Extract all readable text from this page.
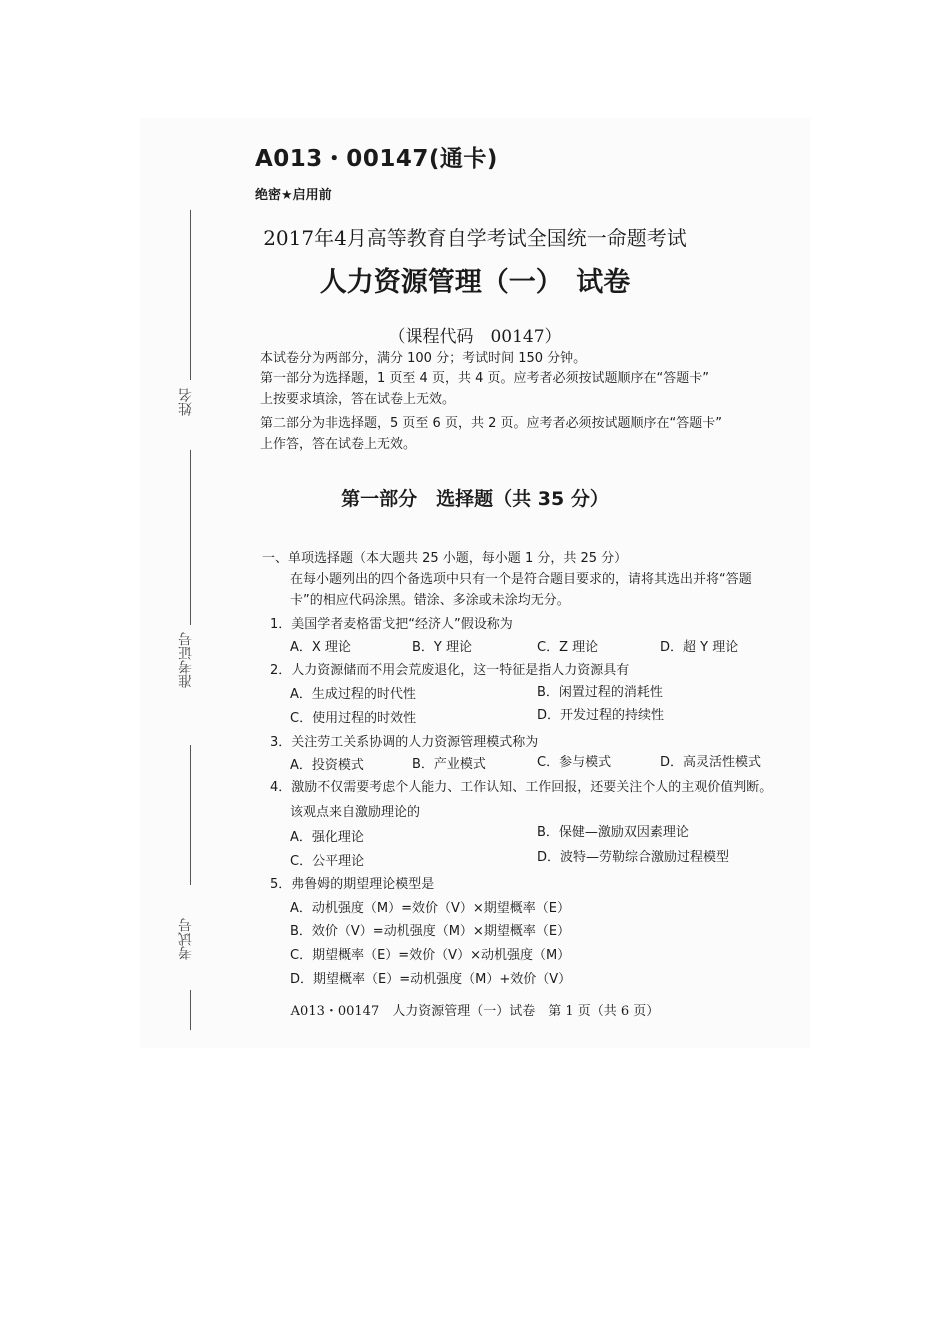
姓名
准考证号
考试号
A013・00147(通卡)
绝密★启用前
2017年4月高等教育自学考试全国统一命题考试
人力资源管理（一）　试卷
（课程代码　00147）
本试卷分为两部分，满分 100 分；考试时间 150 分钟。
第一部分为选择题，1 页至 4 页，共 4 页。应考者必须按试题顺序在“答题卡”
上按要求填涂，答在试卷上无效。
第二部分为非选择题，5 页至 6 页，共 2 页。应考者必须按试题顺序在“答题卡”
上作答，答在试卷上无效。
第一部分　选择题（共 35 分）
一、单项选择题（本大题共 25 小题，每小题 1 分，共 25 分）
在每小题列出的四个备选项中只有一个是符合题目要求的，请将其选出并将“答题
卡”的相应代码涂黑。错涂、多涂或未涂均无分。
1．美国学者麦格雷戈把“经济人”假设称为
A．X 理论	B．Y 理论	C．Z 理论	D．超 Y 理论
2．人力资源储而不用会荒废退化，这一特征是指人力资源具有
A．生成过程的时代性	B．闲置过程的消耗性
C．使用过程的时效性	D．开发过程的持续性
3．关注劳工关系协调的人力资源管理模式称为
A．投资模式	B．产业模式	C．参与模式	D．高灵活性模式
4．激励不仅需要考虑个人能力、工作认知、工作回报，还要关注个人的主观价值判断。
该观点来自激励理论的
A．强化理论	B．保健—激励双因素理论
C．公平理论	D．波特—劳勒综合激励过程模型
5．弗鲁姆的期望理论模型是
A．动机强度（M）=效价（V）×期望概率（E）
B．效价（V）=动机强度（M）×期望概率（E）
C．期望概率（E）=效价（V）×动机强度（M）
D．期望概率（E）=动机强度（M）+效价（V）
A013・00147　人力资源管理（一）试卷　第 1 页（共 6 页）
